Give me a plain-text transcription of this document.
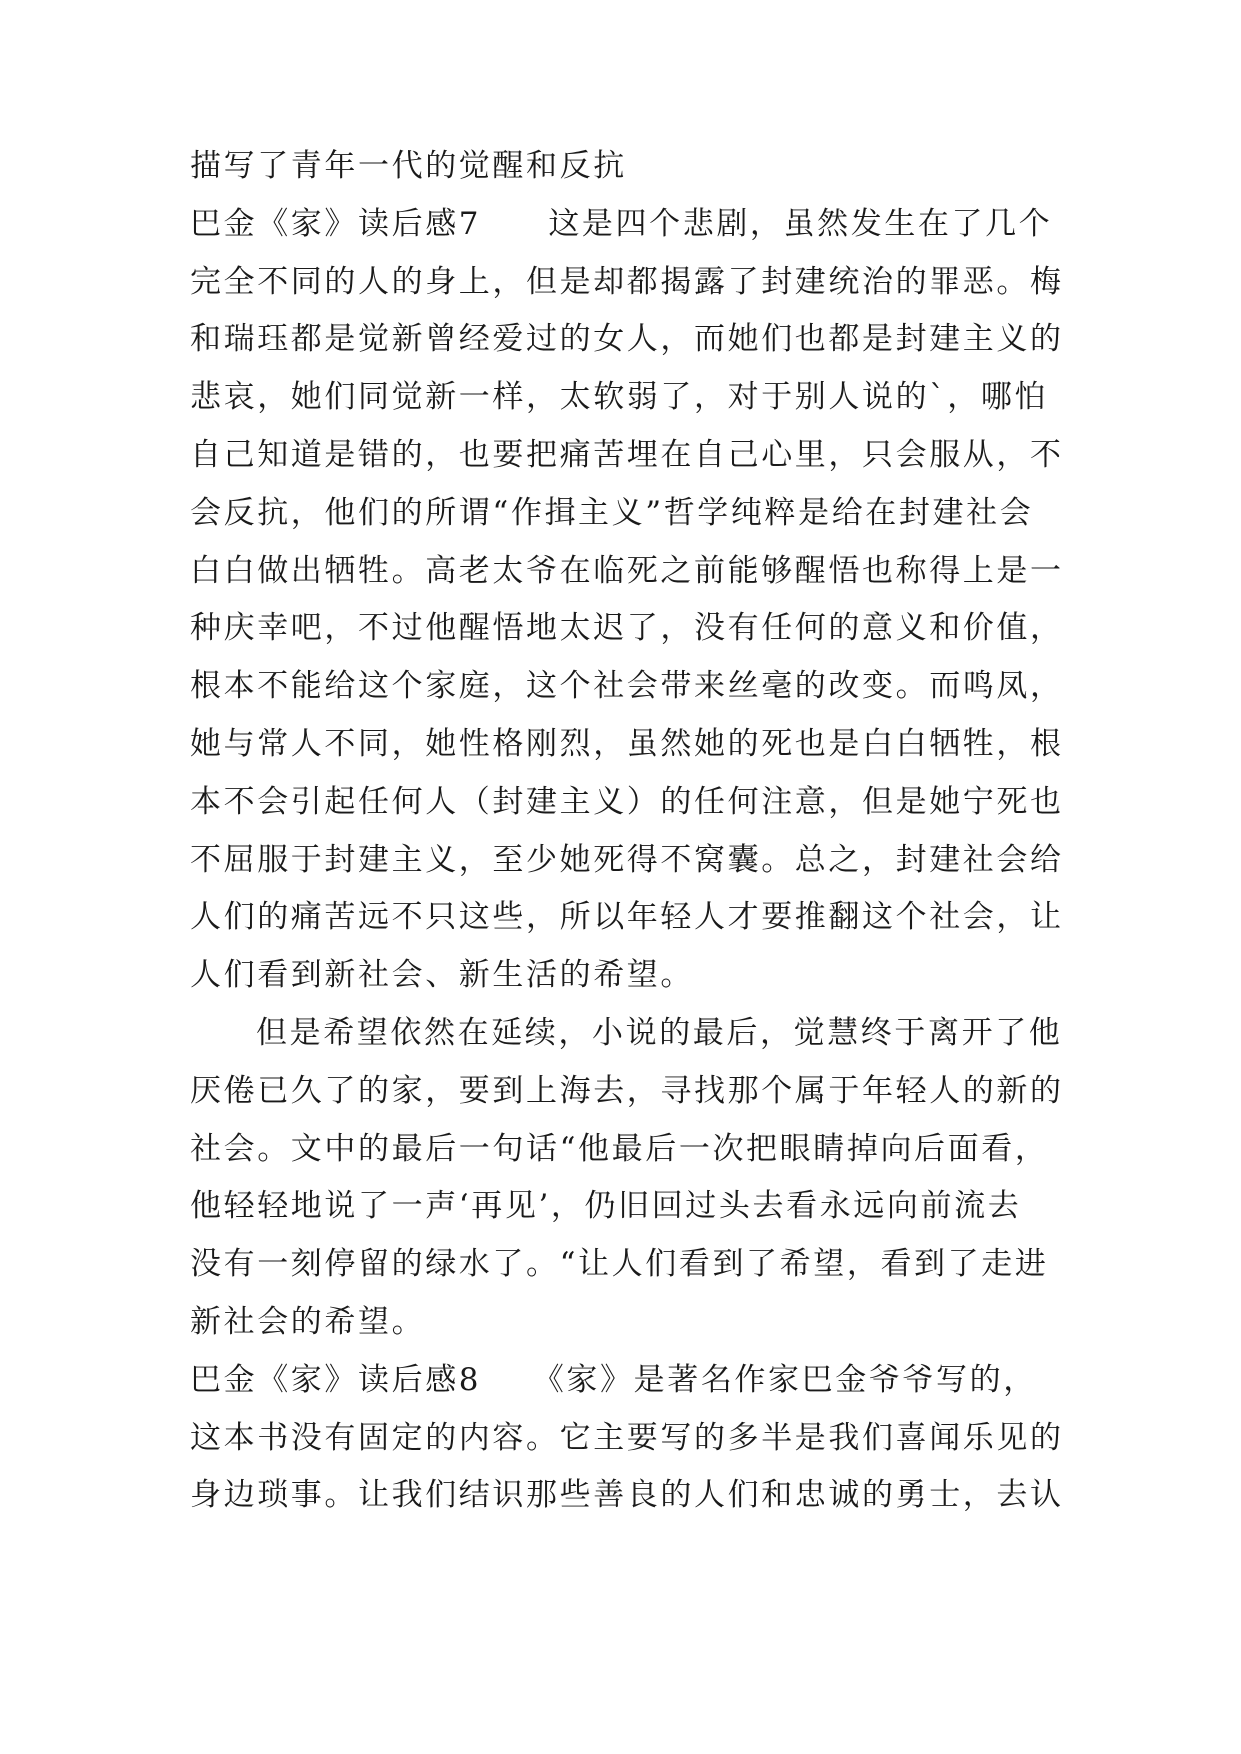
描写了青年一代的觉醒和反抗
巴金《家》读后感7　　这是四个悲剧，虽然发生在了几个
完全不同的人的身上，但是却都揭露了封建统治的罪恶。梅
和瑞珏都是觉新曾经爱过的女人，而她们也都是封建主义的
悲哀，她们同觉新一样，太软弱了，对于别人说的`，哪怕
自己知道是错的，也要把痛苦埋在自己心里，只会服从，不
会反抗，他们的所谓“作揖主义”哲学纯粹是给在封建社会
白白做出牺牲。高老太爷在临死之前能够醒悟也称得上是一
种庆幸吧，不过他醒悟地太迟了，没有任何的意义和价值，
根本不能给这个家庭，这个社会带来丝毫的改变。而鸣凤，
她与常人不同，她性格刚烈，虽然她的死也是白白牺牲，根
本不会引起任何人（封建主义）的任何注意，但是她宁死也
不屈服于封建主义，至少她死得不窝囊。总之，封建社会给
人们的痛苦远不只这些，所以年轻人才要推翻这个社会，让
人们看到新社会、新生活的希望。
但是希望依然在延续，小说的最后，觉慧终于离开了他
厌倦已久了的家，要到上海去，寻找那个属于年轻人的新的
社会。文中的最后一句话“他最后一次把眼睛掉向后面看，
他轻轻地说了一声‘再见’，仍旧回过头去看永远向前流去
没有一刻停留的绿水了。“让人们看到了希望，看到了走进
新社会的希望。
巴金《家》读后感8　　《家》是著名作家巴金爷爷写的，
这本书没有固定的内容。它主要写的多半是我们喜闻乐见的
身边琐事。让我们结识那些善良的人们和忠诚的勇士，去认
